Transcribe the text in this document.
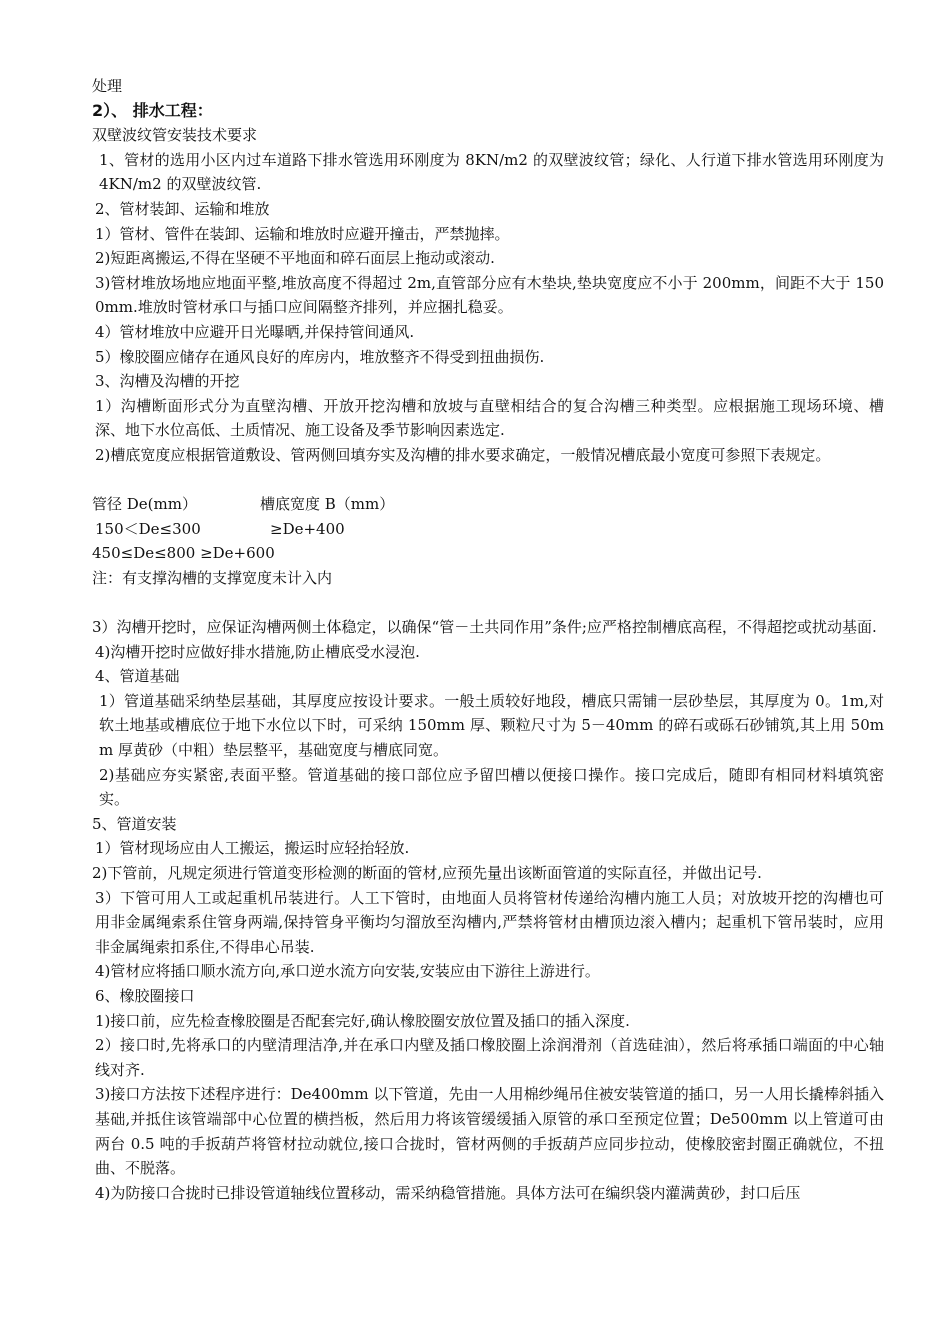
处理

2）、 排水工程：

双壁波纹管安装技术要求

1、管材的选用小区内过车道路下排水管选用环刚度为 8KN/m2 的双壁波纹管；绿化、人行道下排水管选用环刚度为 4KN/m2 的双壁波纹管.

2、管材装卸、运输和堆放

1）管材、管件在装卸、运输和堆放时应避开撞击，严禁抛摔。

2)短距离搬运,不得在坚硬不平地面和碎石面层上拖动或滚动.

3)管材堆放场地应地面平整,堆放高度不得超过 2m,直管部分应有木垫块,垫块宽度应不小于 200mm，间距不大于 1500mm.堆放时管材承口与插口应间隔整齐排列，并应捆扎稳妥。

4）管材堆放中应避开日光曝晒,并保持管间通风.

5）橡胶圈应储存在通风良好的库房内，堆放整齐不得受到扭曲损伤.

3、沟槽及沟槽的开挖

1）沟槽断面形式分为直壁沟槽、开放开挖沟槽和放坡与直壁相结合的复合沟槽三种类型。应根据施工现场环境、槽深、地下水位高低、土质情况、施工设备及季节影响因素选定.

2)槽底宽度应根据管道敷设、管两侧回填夯实及沟槽的排水要求确定，一般情况槽底最小宽度可参照下表规定。

管径 De(mm）	槽底宽度 B（mm）
150＜De≤300	≥De+400

450≤De≤800 ≥De+600

注：有支撑沟槽的支撑宽度未计入内

3）沟槽开挖时，应保证沟槽两侧土体稳定，以确保“管－土共同作用”条件;应严格控制槽底高程，不得超挖或扰动基面.

4)沟槽开挖时应做好排水措施,防止槽底受水浸泡.

4、管道基础

1）管道基础采纳垫层基础，其厚度应按设计要求。一般土质较好地段，槽底只需铺一层砂垫层，其厚度为 0。1m,对软土地基或槽底位于地下水位以下时，可采纳 150mm 厚、颗粒尺寸为 5－40mm 的碎石或砾石砂铺筑,其上用 50mm 厚黄砂（中粗）垫层整平，基础宽度与槽底同宽。

2)基础应夯实紧密,表面平整。管道基础的接口部位应予留凹槽以便接口操作。接口完成后，随即有相同材料填筑密实。

5、管道安装

1）管材现场应由人工搬运，搬运时应轻抬轻放.

2)下管前，凡规定须进行管道变形检测的断面的管材,应预先量出该断面管道的实际直径，并做出记号.

3）下管可用人工或起重机吊装进行。人工下管时，由地面人员将管材传递给沟槽内施工人员；对放坡开挖的沟槽也可用非金属绳索系住管身两端,保持管身平衡均匀溜放至沟槽内,严禁将管材由槽顶边滚入槽内；起重机下管吊装时，应用非金属绳索扣系住,不得串心吊装.

4)管材应将插口顺水流方向,承口逆水流方向安装,安装应由下游往上游进行。

6、橡胶圈接口

1)接口前，应先检查橡胶圈是否配套完好,确认橡胶圈安放位置及插口的插入深度.

2）接口时,先将承口的内壁清理洁净,并在承口内壁及插口橡胶圈上涂润滑剂（首选硅油），然后将承插口端面的中心轴线对齐.

3)接口方法按下述程序进行：De400mm 以下管道，先由一人用棉纱绳吊住被安装管道的插口，另一人用长撬棒斜插入基础,并抵住该管端部中心位置的横挡板，然后用力将该管缓缓插入原管的承口至预定位置；De500mm 以上管道可由两台 0.5 吨的手扳葫芦将管材拉动就位,接口合拢时，管材两侧的手扳葫芦应同步拉动，使橡胶密封圈正确就位，不扭曲、不脱落。

4)为防接口合拢时已排设管道轴线位置移动，需采纳稳管措施。具体方法可在编织袋内灌满黄砂，封口后压
